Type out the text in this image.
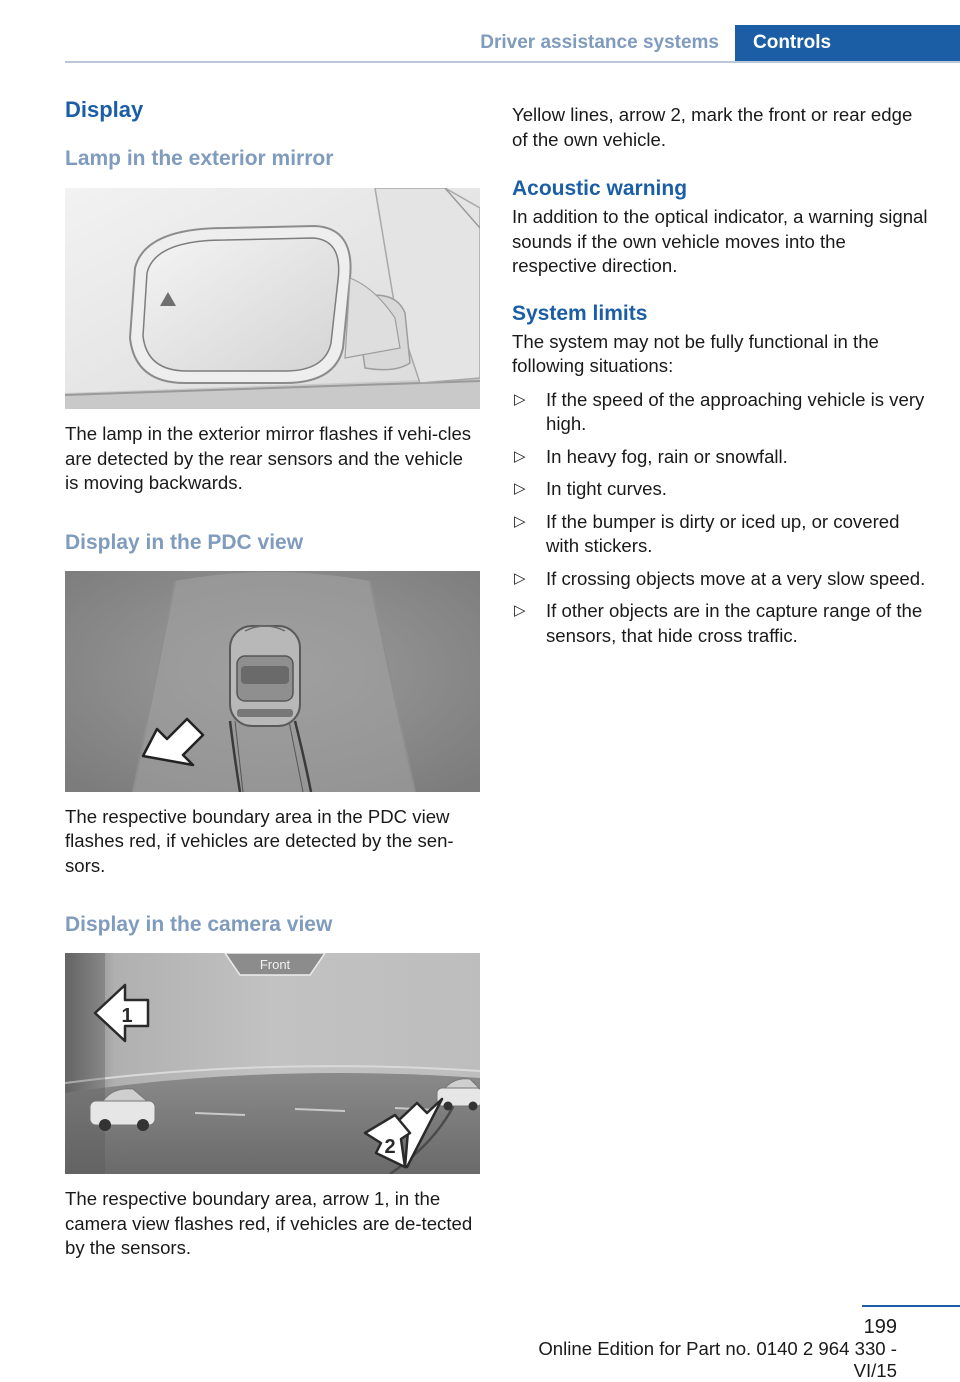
Driver assistance systems	Controls
Display
Lamp in the exterior mirror

The lamp in the exterior mirror flashes if vehi-cles are detected by the rear sensors and the vehicle is moving backwards.

Display in the PDC view

The respective boundary area in the PDC view flashes red, if vehicles are detected by the sen-sors.

Display in the camera view
Front
1
2

The respective boundary area, arrow 1, in the camera view flashes red, if vehicles are de-tected by the sensors.

Yellow lines, arrow 2, mark the front or rear edge of the own vehicle.

Acoustic warning

In addition to the optical indicator, a warning signal sounds if the own vehicle moves into the respective direction.

System limits

The system may not be fully functional in the following situations:

▷ If the speed of the approaching vehicle is very high.
▷ In heavy fog, rain or snowfall.
▷ In tight curves.
▷ If the bumper is dirty or iced up, or covered with stickers.
▷ If crossing objects move at a very slow speed.
▷ If other objects are in the capture range of the sensors, that hide cross traffic.
199
Online Edition for Part no. 0140 2 964 330 - VI/15
